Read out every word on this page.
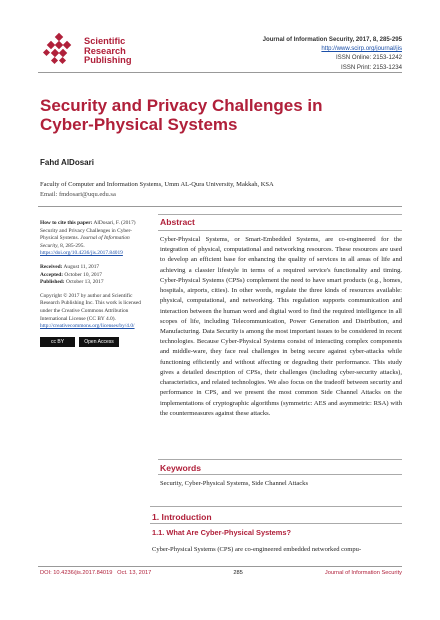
Scientific
Research
Publishing
Journal of Information Security, 2017, 8, 285-295
http://www.scirp.org/journal/jis
ISSN Online: 2153-1242
ISSN Print: 2153-1234
Security and Privacy Challenges in
Cyber-Physical Systems
Fahd AlDosari
Faculty of Computer and Information Systems, Umm AL-Qura University, Makkah, KSA
Email: fmdosari@uqu.edu.sa

How to cite this paper: AlDosari, F. (2017) Security and Privacy Challenges in Cyber-Physical Systems. Journal of Information Security, 8, 285-295. https://doi.org/10.4236/jis.2017.84019

Received: August 11, 2017
Accepted: October 10, 2017
Published: October 13, 2017

Copyright © 2017 by author and Scientific Research Publishing Inc. This work is licensed under the Creative Commons Attribution International License (CC BY 4.0).
http://creativecommons.org/licenses/by/4.0/

cc BY	Open Access
Abstract
Cyber-Physical Systems, or Smart-Embedded Systems, are co-engineered for the integration of physical, computational and networking resources. These resources are used to develop an efficient base for enhancing the quality of services in all areas of life and achieving a classier lifestyle in terms of a required service's functionality and timing. Cyber-Physical Systems (CPSs) complement the need to have smart products (e.g., homes, hospitals, airports, cities). In other words, regulate the three kinds of resources available: physical, computational, and networking. This regulation supports communication and interaction between the human word and digital word to find the required intelligence in all scopes of life, including Telecommunication, Power Generation and Distribution, and Manufacturing. Data Security is among the most important issues to be considered in recent technologies. Because Cyber-Physical Systems consist of interacting complex components and middle-ware, they face real challenges in being secure against cyber-attacks while functioning efficiently and without affecting or degrading their performance. This study gives a detailed description of CPSs, their challenges (including cyber-security attacks), characteristics, and related technologies. We also focus on the tradeoff between security and performance in CPS, and we present the most common Side Channel Attacks on the implementations of cryptographic algorithms (symmetric: AES and asymmetric: RSA) with the countermeasures against these attacks.
Keywords
Security, Cyber-Physical Systems, Side Channel Attacks
1. Introduction
1.1. What Are Cyber-Physical Systems?
Cyber-Physical Systems (CPS) are co-engineered embedded networked compu-
DOI: 10.4236/jis.2017.84019 Oct. 13, 2017	285	Journal of Information Security
